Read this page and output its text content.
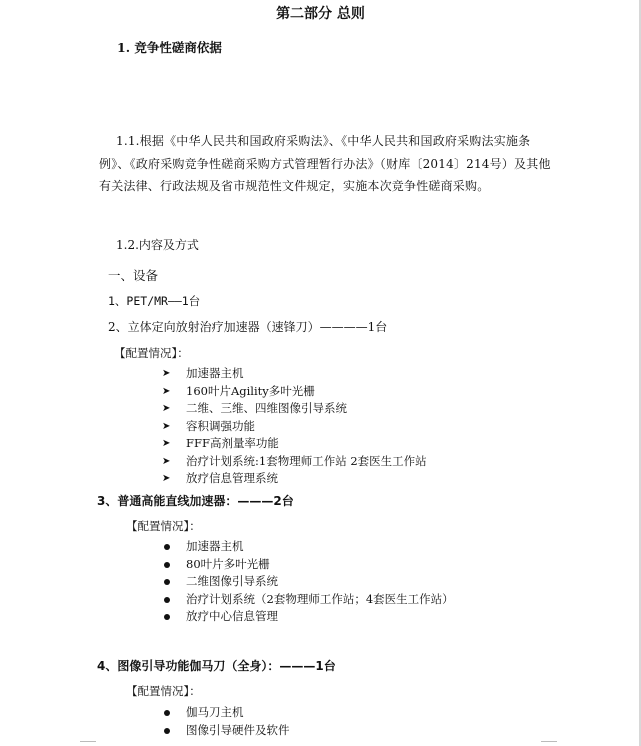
第二部分 总则
1. 竞争性磋商依据
1.1.根据《中华人民共和国政府采购法》、《中华人民共和国政府采购法实施条例》、《政府采购竞争性磋商采购方式管理暂行办法》（财库〔2014〕214号）及其他有关法律、行政法规及省市规范性文件规定，实施本次竞争性磋商采购。
1.2.内容及方式
一、设备
1、PET/MR——1台
2、立体定向放射治疗加速器（速锋刀）————1台
【配置情况】：
➤ 加速器主机
➤ 160叶片Agility多叶光栅
➤ 二维、三维、四维图像引导系统
➤ 容积调强功能
➤ FFF高剂量率功能
➤ 治疗计划系统:1套物理师工作站 2套医生工作站
➤ 放疗信息管理系统
3、普通高能直线加速器：———2台
【配置情况】：
加速器主机
80叶片多叶光栅
二维图像引导系统
治疗计划系统（2套物理师工作站；4套医生工作站）
放疗中心信息管理
4、图像引导功能伽马刀（全身）：———1台
【配置情况】：
伽马刀主机
图像引导硬件及软件
